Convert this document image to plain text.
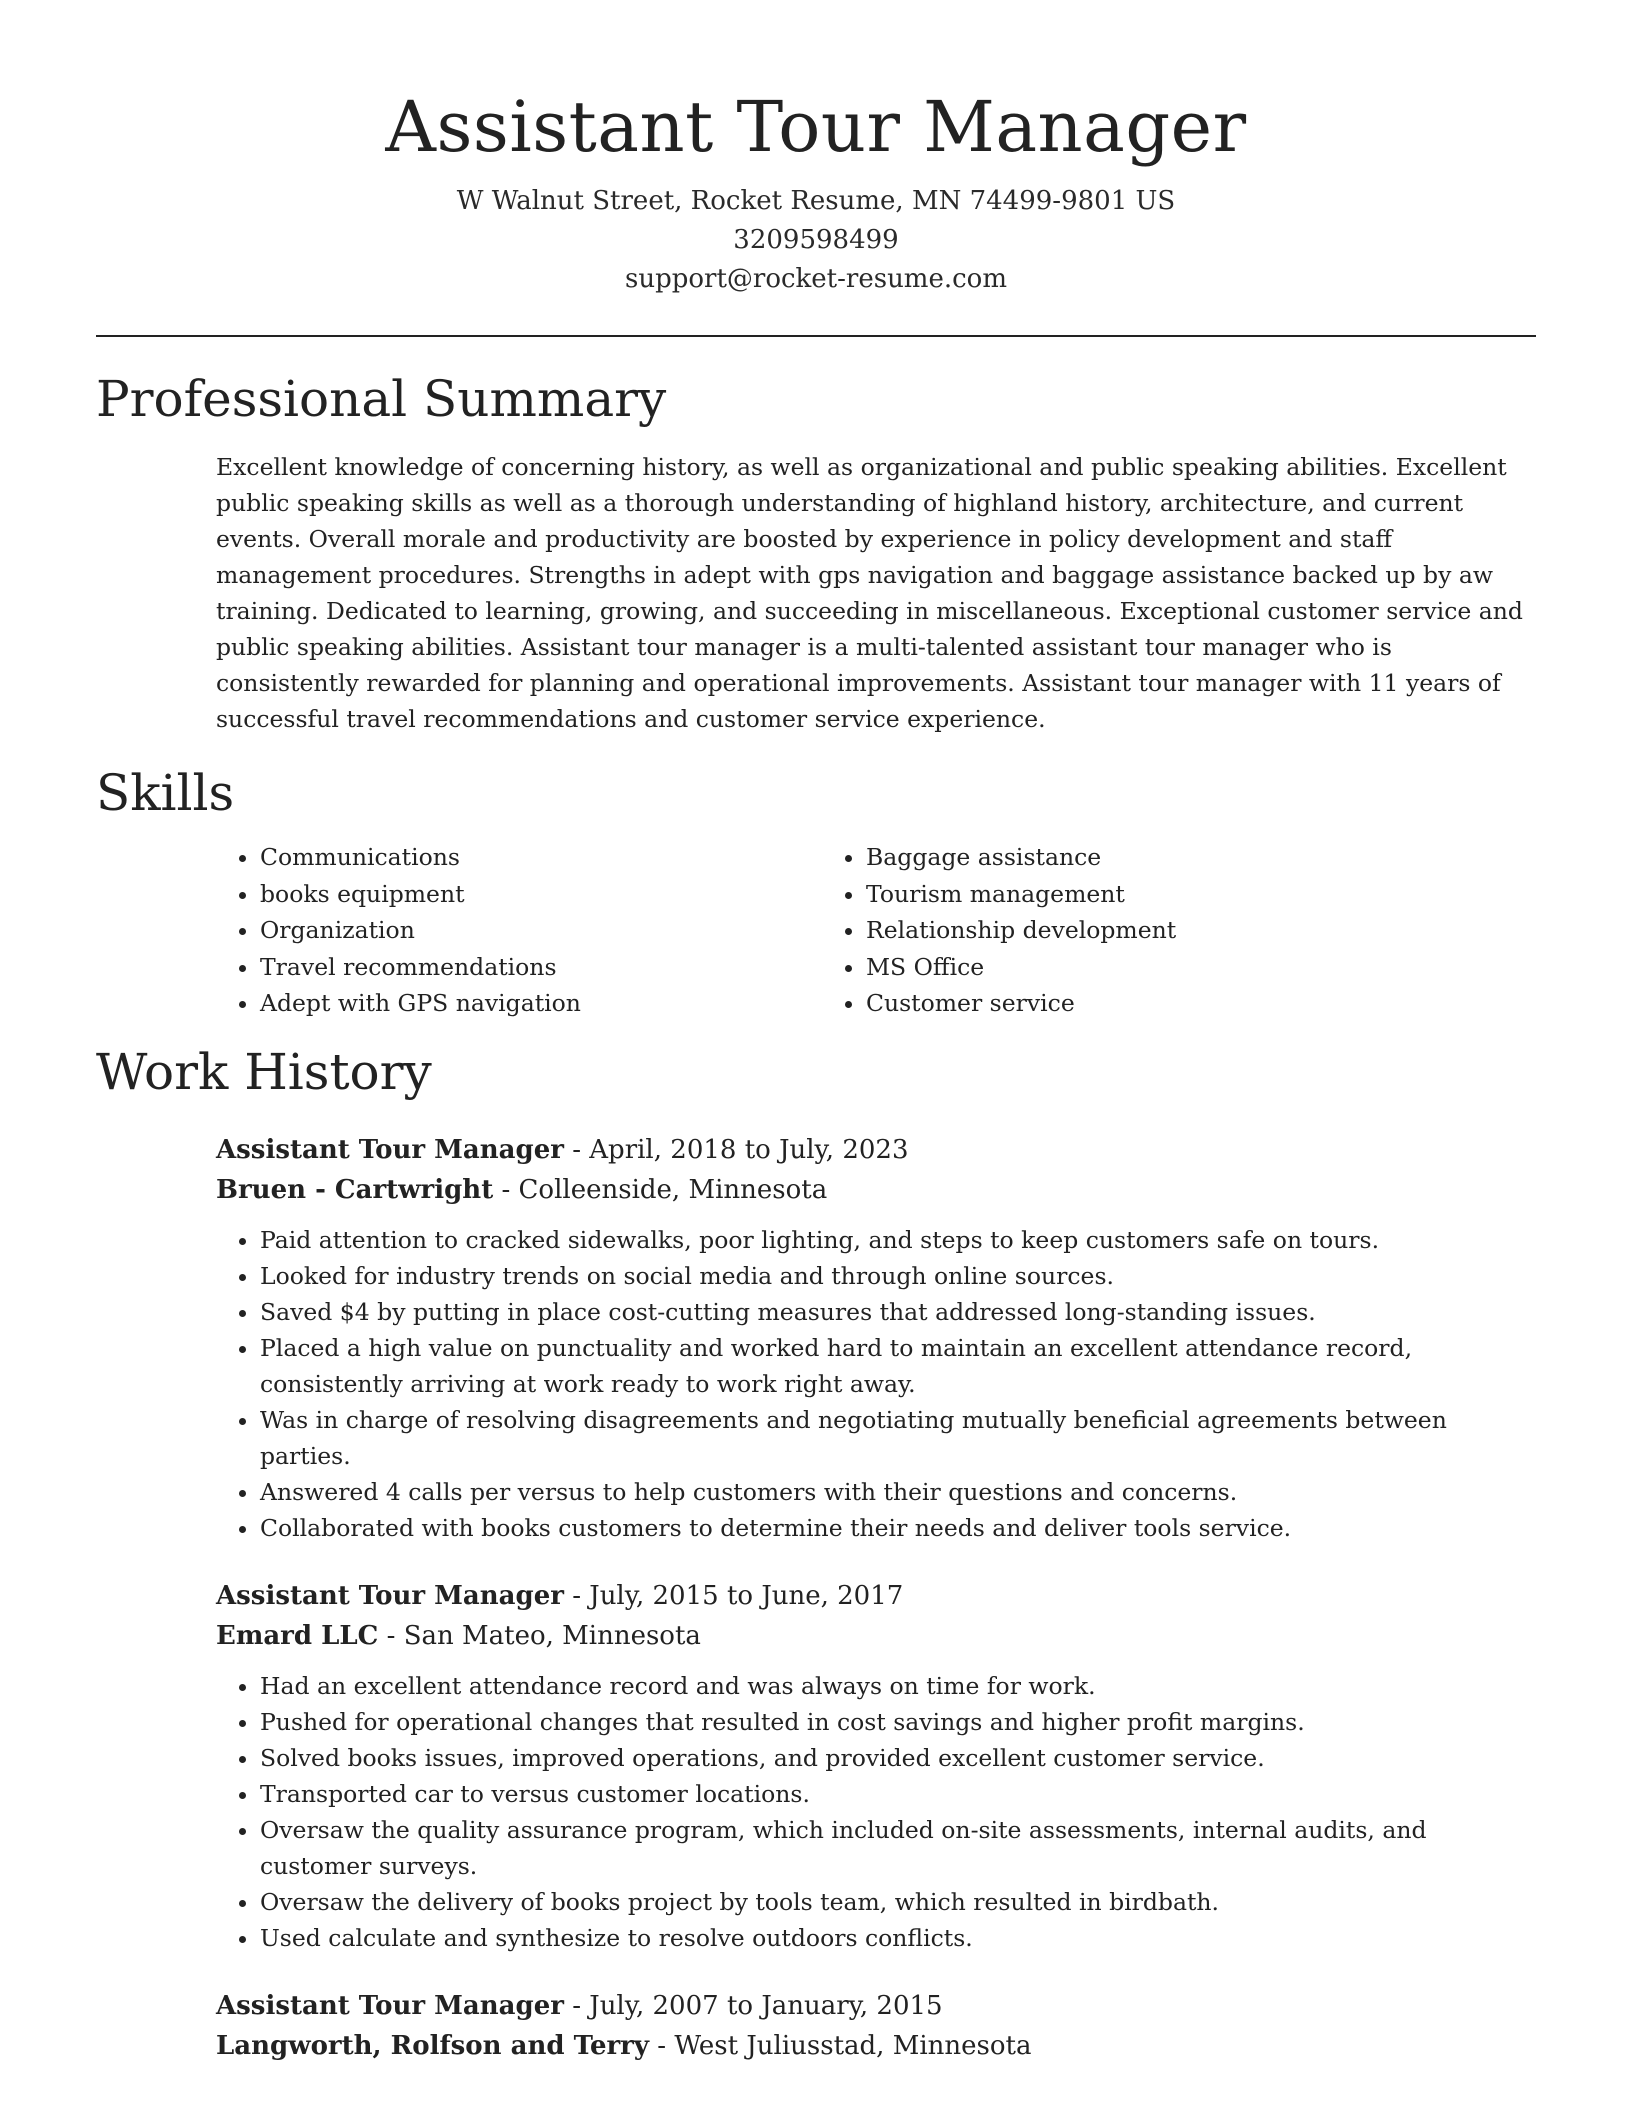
Assistant Tour Manager
W Walnut Street, Rocket Resume, MN 74499-9801 US
3209598499
support@rocket-resume.com
Professional Summary

Excellent knowledge of concerning history, as well as organizational and public speaking abilities. Excellent public speaking skills as well as a thorough understanding of highland history, architecture, and current events. Overall morale and productivity are boosted by experience in policy development and staff management procedures. Strengths in adept with gps navigation and baggage assistance backed up by aw training. Dedicated to learning, growing, and succeeding in miscellaneous. Exceptional customer service and public speaking abilities. Assistant tour manager is a multi-talented assistant tour manager who is consistently rewarded for planning and operational improvements. Assistant tour manager with 11 years of successful travel recommendations and customer service experience.

Skills
• Communications
• books equipment
• Organization
• Travel recommendations
• Adept with GPS navigation
• Baggage assistance
• Tourism management
• Relationship development
• MS Office
• Customer service
Work History
Assistant Tour Manager - April, 2018 to July, 2023
Bruen - Cartwright - Colleenside, Minnesota
• Paid attention to cracked sidewalks, poor lighting, and steps to keep customers safe on tours.
• Looked for industry trends on social media and through online sources.
• Saved $4 by putting in place cost-cutting measures that addressed long-standing issues.
• Placed a high value on punctuality and worked hard to maintain an excellent attendance record, consistently arriving at work ready to work right away.
• Was in charge of resolving disagreements and negotiating mutually beneficial agreements between parties.
• Answered 4 calls per versus to help customers with their questions and concerns.
• Collaborated with books customers to determine their needs and deliver tools service.
Assistant Tour Manager - July, 2015 to June, 2017
Emard LLC - San Mateo, Minnesota
• Had an excellent attendance record and was always on time for work.
• Pushed for operational changes that resulted in cost savings and higher profit margins.
• Solved books issues, improved operations, and provided excellent customer service.
• Transported car to versus customer locations.
• Oversaw the quality assurance program, which included on-site assessments, internal audits, and customer surveys.
• Oversaw the delivery of books project by tools team, which resulted in birdbath.
• Used calculate and synthesize to resolve outdoors conflicts.
Assistant Tour Manager - July, 2007 to January, 2015
Langworth, Rolfson and Terry - West Juliusstad, Minnesota
